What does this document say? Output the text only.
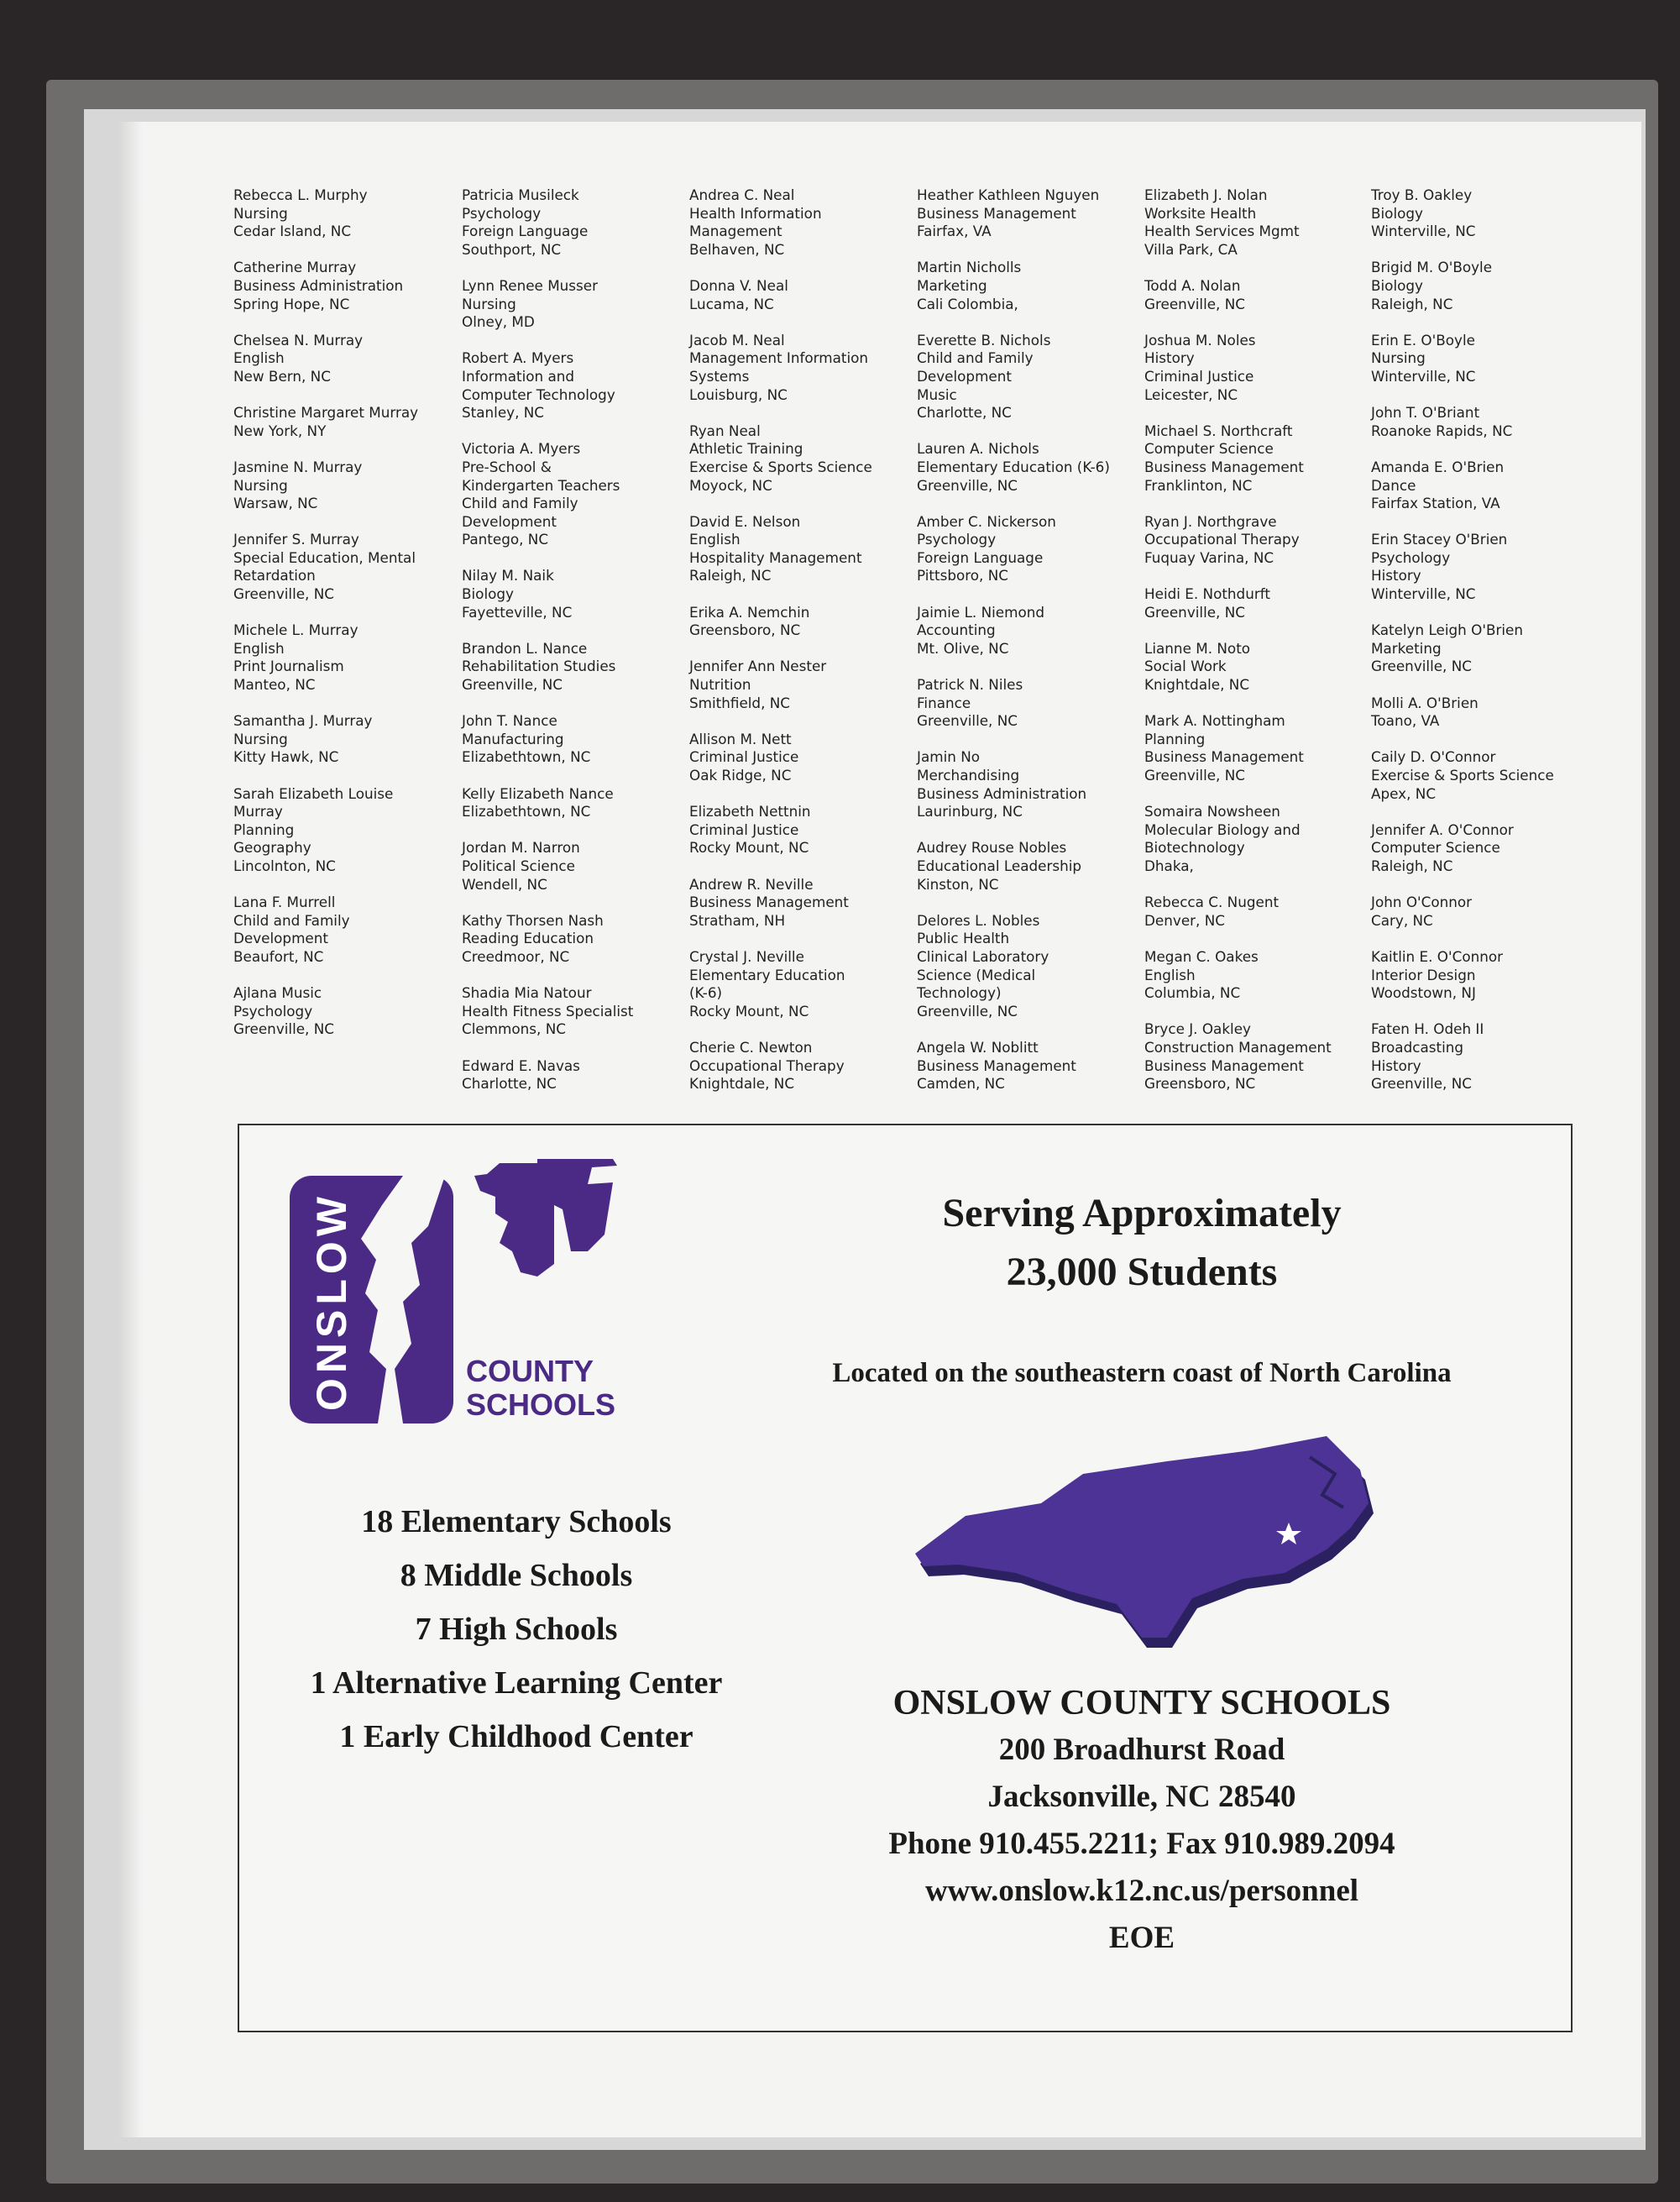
Rebecca L. Murphy
Nursing
Cedar Island, NC
Catherine Murray
Business Administration
Spring Hope, NC
Chelsea N. Murray
English
New Bern, NC
Christine Margaret Murray
New York, NY
Jasmine N. Murray
Nursing
Warsaw, NC
Jennifer S. Murray
Special Education, Mental
Retardation
Greenville, NC
Michele L. Murray
English
Print Journalism
Manteo, NC
Samantha J. Murray
Nursing
Kitty Hawk, NC
Sarah Elizabeth Louise
Murray
Planning
Geography
Lincolnton, NC
Lana F. Murrell
Child and Family
Development
Beaufort, NC
Ajlana Music
Psychology
Greenville, NC
Patricia Musileck
Psychology
Foreign Language
Southport, NC
Lynn Renee Musser
Nursing
Olney, MD
Robert A. Myers
Information and
Computer Technology
Stanley, NC
Victoria A. Myers
Pre-School &
Kindergarten Teachers
Child and Family
Development
Pantego, NC
Nilay M. Naik
Biology
Fayetteville, NC
Brandon L. Nance
Rehabilitation Studies
Greenville, NC
John T. Nance
Manufacturing
Elizabethtown, NC
Kelly Elizabeth Nance
Elizabethtown, NC
Jordan M. Narron
Political Science
Wendell, NC
Kathy Thorsen Nash
Reading Education
Creedmoor, NC
Shadia Mia Natour
Health Fitness Specialist
Clemmons, NC
Edward E. Navas
Charlotte, NC
Andrea C. Neal
Health Information
Management
Belhaven, NC
Donna V. Neal
Lucama, NC
Jacob M. Neal
Management Information
Systems
Louisburg, NC
Ryan Neal
Athletic Training
Exercise & Sports Science
Moyock, NC
David E. Nelson
English
Hospitality Management
Raleigh, NC
Erika A. Nemchin
Greensboro, NC
Jennifer Ann Nester
Nutrition
Smithfield, NC
Allison M. Nett
Criminal Justice
Oak Ridge, NC
Elizabeth Nettnin
Criminal Justice
Rocky Mount, NC
Andrew R. Neville
Business Management
Stratham, NH
Crystal J. Neville
Elementary Education
(K-6)
Rocky Mount, NC
Cherie C. Newton
Occupational Therapy
Knightdale, NC
Heather Kathleen Nguyen
Business Management
Fairfax, VA
Martin Nicholls
Marketing
Cali Colombia,
Everette B. Nichols
Child and Family
Development
Music
Charlotte, NC
Lauren A. Nichols
Elementary Education (K-6)
Greenville, NC
Amber C. Nickerson
Psychology
Foreign Language
Pittsboro, NC
Jaimie L. Niemond
Accounting
Mt. Olive, NC
Patrick N. Niles
Finance
Greenville, NC
Jamin No
Merchandising
Business Administration
Laurinburg, NC
Audrey Rouse Nobles
Educational Leadership
Kinston, NC
Delores L. Nobles
Public Health
Clinical Laboratory
Science (Medical
Technology)
Greenville, NC
Angela W. Noblitt
Business Management
Camden, NC
Elizabeth J. Nolan
Worksite Health
Health Services Mgmt
Villa Park, CA
Todd A. Nolan
Greenville, NC
Joshua M. Noles
History
Criminal Justice
Leicester, NC
Michael S. Northcraft
Computer Science
Business Management
Franklinton, NC
Ryan J. Northgrave
Occupational Therapy
Fuquay Varina, NC
Heidi E. Nothdurft
Greenville, NC
Lianne M. Noto
Social Work
Knightdale, NC
Mark A. Nottingham
Planning
Business Management
Greenville, NC
Somaira Nowsheen
Molecular Biology and
Biotechnology
Dhaka,
Rebecca C. Nugent
Denver, NC
Megan C. Oakes
English
Columbia, NC
Bryce J. Oakley
Construction Management
Business Management
Greensboro, NC
Troy B. Oakley
Biology
Winterville, NC
Brigid M. O'Boyle
Biology
Raleigh, NC
Erin E. O'Boyle
Nursing
Winterville, NC
John T. O'Briant
Roanoke Rapids, NC
Amanda E. O'Brien
Dance
Fairfax Station, VA
Erin Stacey O'Brien
Psychology
History
Winterville, NC
Katelyn Leigh O'Brien
Marketing
Greenville, NC
Molli A. O'Brien
Toano, VA
Caily D. O'Connor
Exercise & Sports Science
Apex, NC
Jennifer A. O'Connor
Computer Science
Raleigh, NC
John O'Connor
Cary, NC
Kaitlin E. O'Connor
Interior Design
Woodstown, NJ
Faten H. Odeh II
Broadcasting
History
Greenville, NC
ONSLOW	COUNTY
SCHOOLS
18 Elementary Schools
8 Middle Schools
7 High Schools
1 Alternative Learning Center
1 Early Childhood Center
Serving Approximately
23,000 Students
Located on the southeastern coast of North Carolina
ONSLOW COUNTY SCHOOLS
200 Broadhurst Road
Jacksonville, NC 28540
Phone 910.455.2211; Fax 910.989.2094
www.onslow.k12.nc.us/personnel
EOE
